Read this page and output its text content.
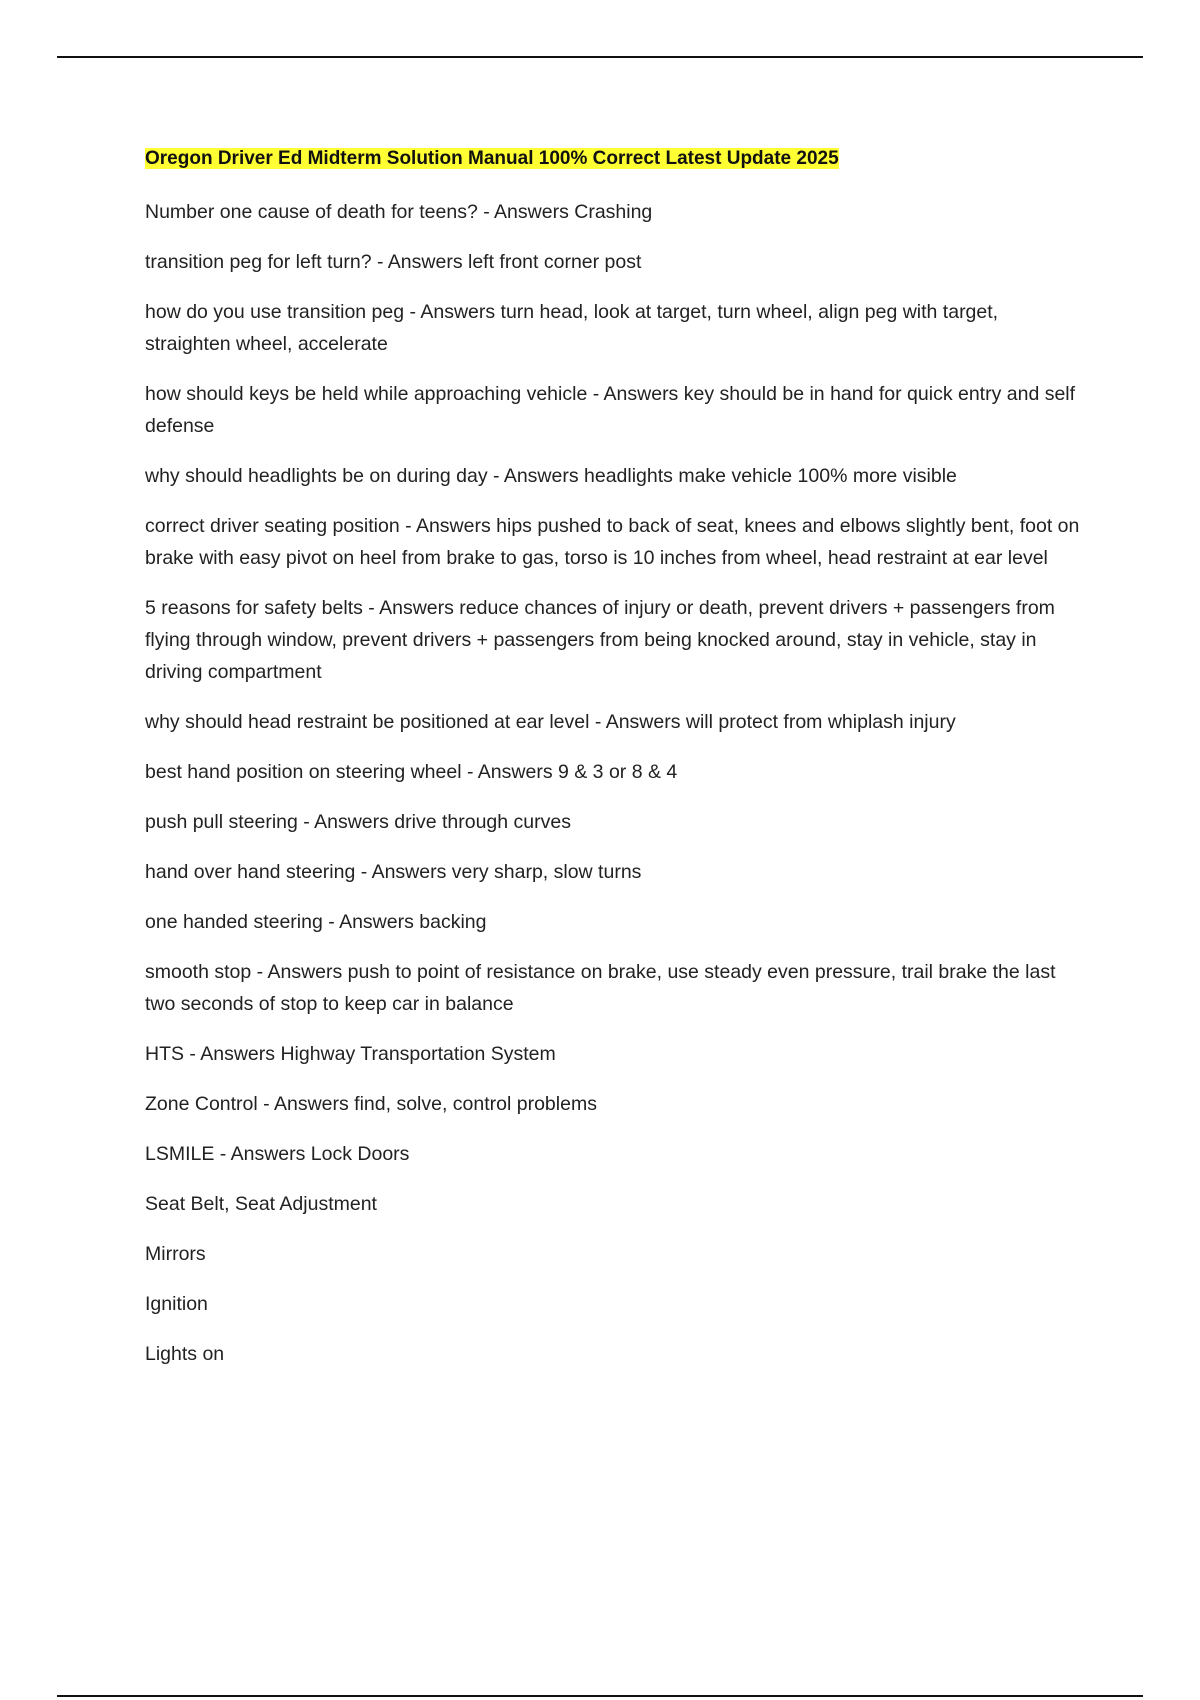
Oregon Driver Ed Midterm Solution Manual 100% Correct Latest Update 2025
Number one cause of death for teens? - Answers Crashing
transition peg for left turn? - Answers left front corner post
how do you use transition peg - Answers turn head, look at target, turn wheel, align peg with target, straighten wheel, accelerate
how should keys be held while approaching vehicle - Answers key should be in hand for quick entry and self defense
why should headlights be on during day - Answers headlights make vehicle 100% more visible
correct driver seating position - Answers hips pushed to back of seat, knees and elbows slightly bent, foot on brake with easy pivot on heel from brake to gas, torso is 10 inches from wheel, head restraint at ear level
5 reasons for safety belts - Answers reduce chances of injury or death, prevent drivers + passengers from flying through window, prevent drivers + passengers from being knocked around, stay in vehicle, stay in driving compartment
why should head restraint be positioned at ear level - Answers will protect from whiplash injury
best hand position on steering wheel - Answers 9 & 3 or 8 & 4
push pull steering - Answers drive through curves
hand over hand steering - Answers very sharp, slow turns
one handed steering - Answers backing
smooth stop - Answers push to point of resistance on brake, use steady even pressure, trail brake the last two seconds of stop to keep car in balance
HTS - Answers Highway Transportation System
Zone Control - Answers find, solve, control problems
LSMILE - Answers Lock Doors
Seat Belt, Seat Adjustment
Mirrors
Ignition
Lights on
